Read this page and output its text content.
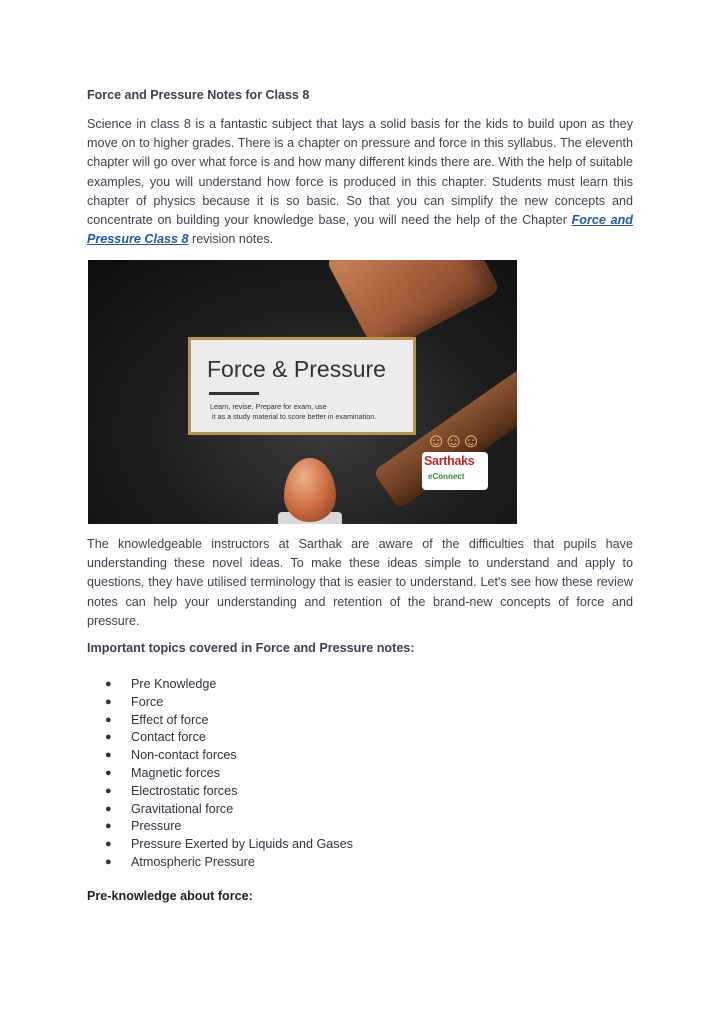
Force and Pressure Notes for Class 8
Science in class 8 is a fantastic subject that lays a solid basis for the kids to build upon as they move on to higher grades. There is a chapter on pressure and force in this syllabus. The eleventh chapter will go over what force is and how many different kinds there are. With the help of suitable examples, you will understand how force is produced in this chapter. Students must learn this chapter of physics because it is so basic. So that you can simplify the new concepts and concentrate on building your knowledge base, you will need the help of the Chapter Force and Pressure Class 8 revision notes.
The knowledgeable instructors at Sarthak are aware of the difficulties that pupils have understanding these novel ideas. To make these ideas simple to understand and apply to questions, they have utilised terminology that is easier to understand. Let's see how these review notes can help your understanding and retention of the brand-new concepts of force and pressure.
Important topics covered in Force and Pressure notes:
● Pre Knowledge
● Force
● Effect of force
● Contact force
● Non-contact forces
● Magnetic forces
● Electrostatic forces
● Gravitational force
● Pressure
● Pressure Exerted by Liquids and Gases
● Atmospheric Pressure
Pre-knowledge about force:
Force & Pressure
Learn, revise, Prepare for exam, use
it as a study material to score better in examination.
☺☺☺
Sarthaks
eConnect
